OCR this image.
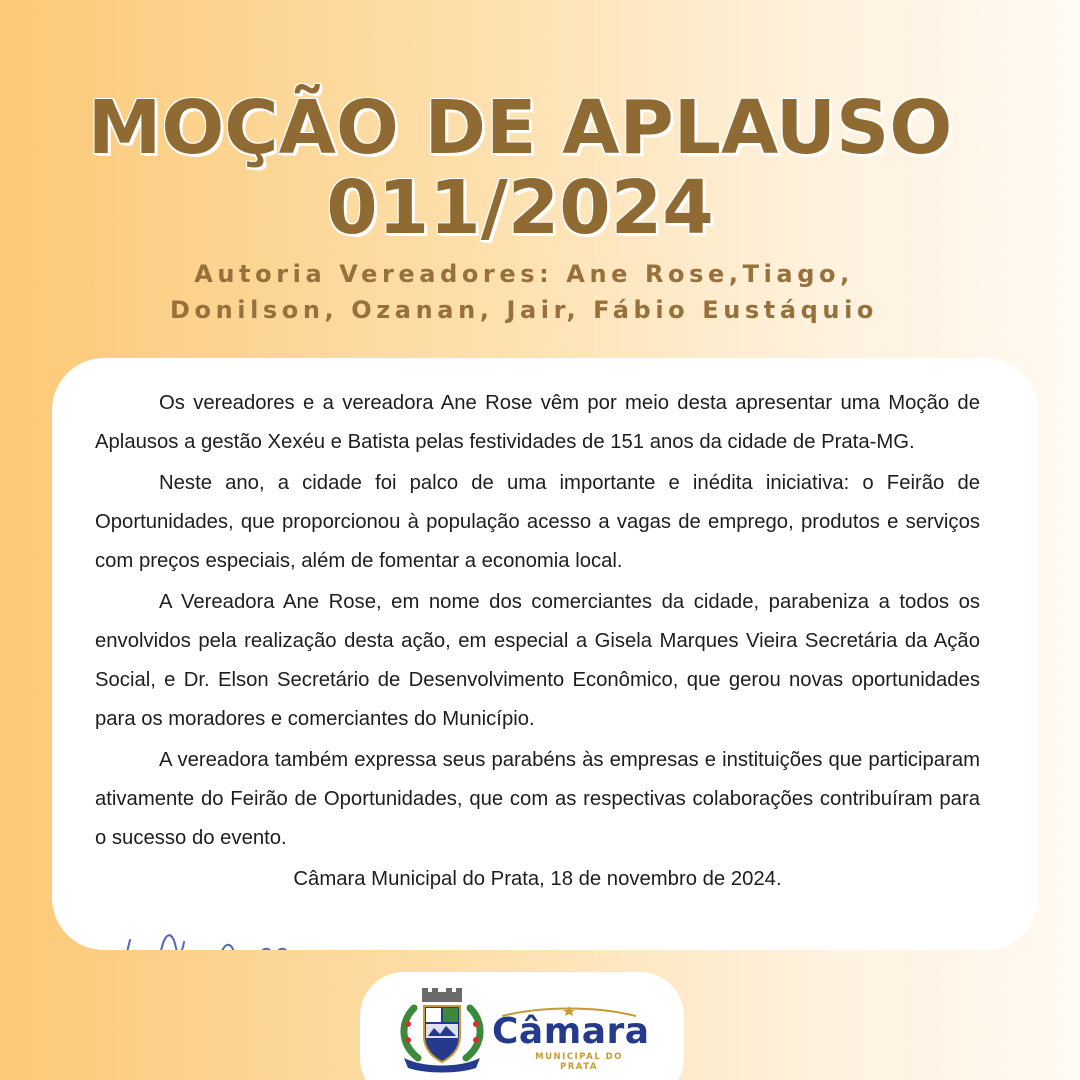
MOÇÃO DE APLAUSO
011/2024
Autoria Vereadores: Ane Rose,Tiago,
Donilson, Ozanan, Jair, Fábio Eustáquio

Os vereadores e a vereadora Ane Rose vêm por meio desta apresentar uma Moção de Aplausos a gestão Xexéu e Batista pelas festividades de 151 anos da cidade de Prata-MG.

Neste ano, a cidade foi palco de uma importante e inédita iniciativa: o Feirão de Oportunidades, que proporcionou à população acesso a vagas de emprego, produtos e serviços com preços especiais, além de fomentar a economia local.

A Vereadora Ane Rose, em nome dos comerciantes da cidade, parabeniza a todos os envolvidos pela realização desta ação, em especial a Gisela Marques Vieira Secretária da Ação Social, e Dr. Elson Secretário de Desenvolvimento Econômico, que gerou novas oportunidades para os moradores e comerciantes do Município.

A vereadora também expressa seus parabéns às empresas e instituições que participaram ativamente do Feirão de Oportunidades, que com as respectivas colaborações contribuíram para o sucesso do evento.

Câmara Municipal do Prata, 18 de novembro de 2024.

Câmara
MUNICIPAL DO PRATA
